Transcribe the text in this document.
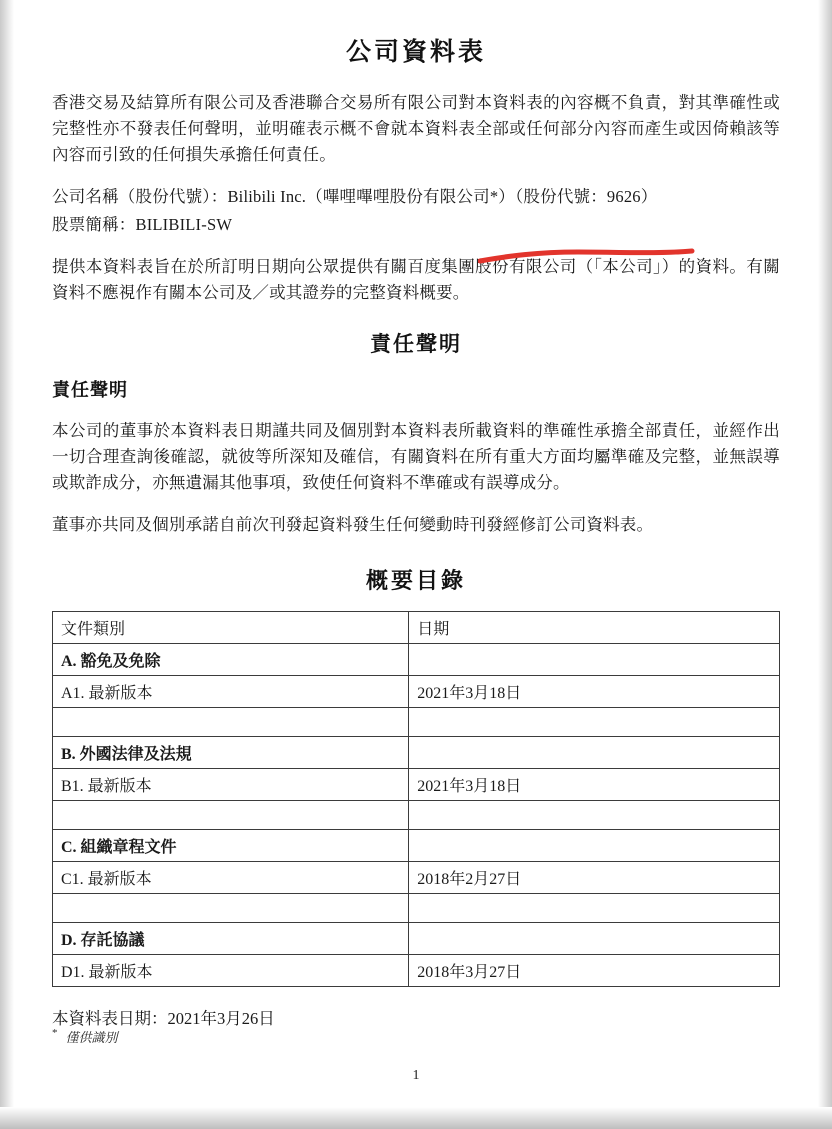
公司資料表

香港交易及結算所有限公司及香港聯合交易所有限公司對本資料表的內容概不負責，對其準確性或完整性亦不發表任何聲明，並明確表示概不會就本資料表全部或任何部分內容而產生或因倚賴該等內容而引致的任何損失承擔任何責任。

公司名稱（股份代號）：Bilibili Inc.（嗶哩嗶哩股份有限公司*）（股份代號：9626）

股票簡稱：BILIBILI-SW

提供本資料表旨在於所訂明日期向公眾提供有關百度集團股份有限公司（「本公司」）的資料。有關資料不應視作有關本公司及／或其證券的完整資料概要。

責任聲明
責任聲明

本公司的董事於本資料表日期謹共同及個別對本資料表所載資料的準確性承擔全部責任，並經作出一切合理查詢後確認，就彼等所深知及確信，有關資料在所有重大方面均屬準確及完整，並無誤導或欺詐成分，亦無遺漏其他事項，致使任何資料不準確或有誤導成分。

董事亦共同及個別承諾自前次刊發起資料發生任何變動時刊發經修訂公司資料表。

概要目錄
文件類別	日期
A. 豁免及免除	
A1. 最新版本	2021年3月18日

B. 外國法律及法規	
B1. 最新版本	2021年3月18日

C. 組織章程文件	
C1. 最新版本	2018年2月27日

D. 存託協議	
D1. 最新版本	2018年3月27日
本資料表日期：2021年3月26日
* 僅供識別
1
